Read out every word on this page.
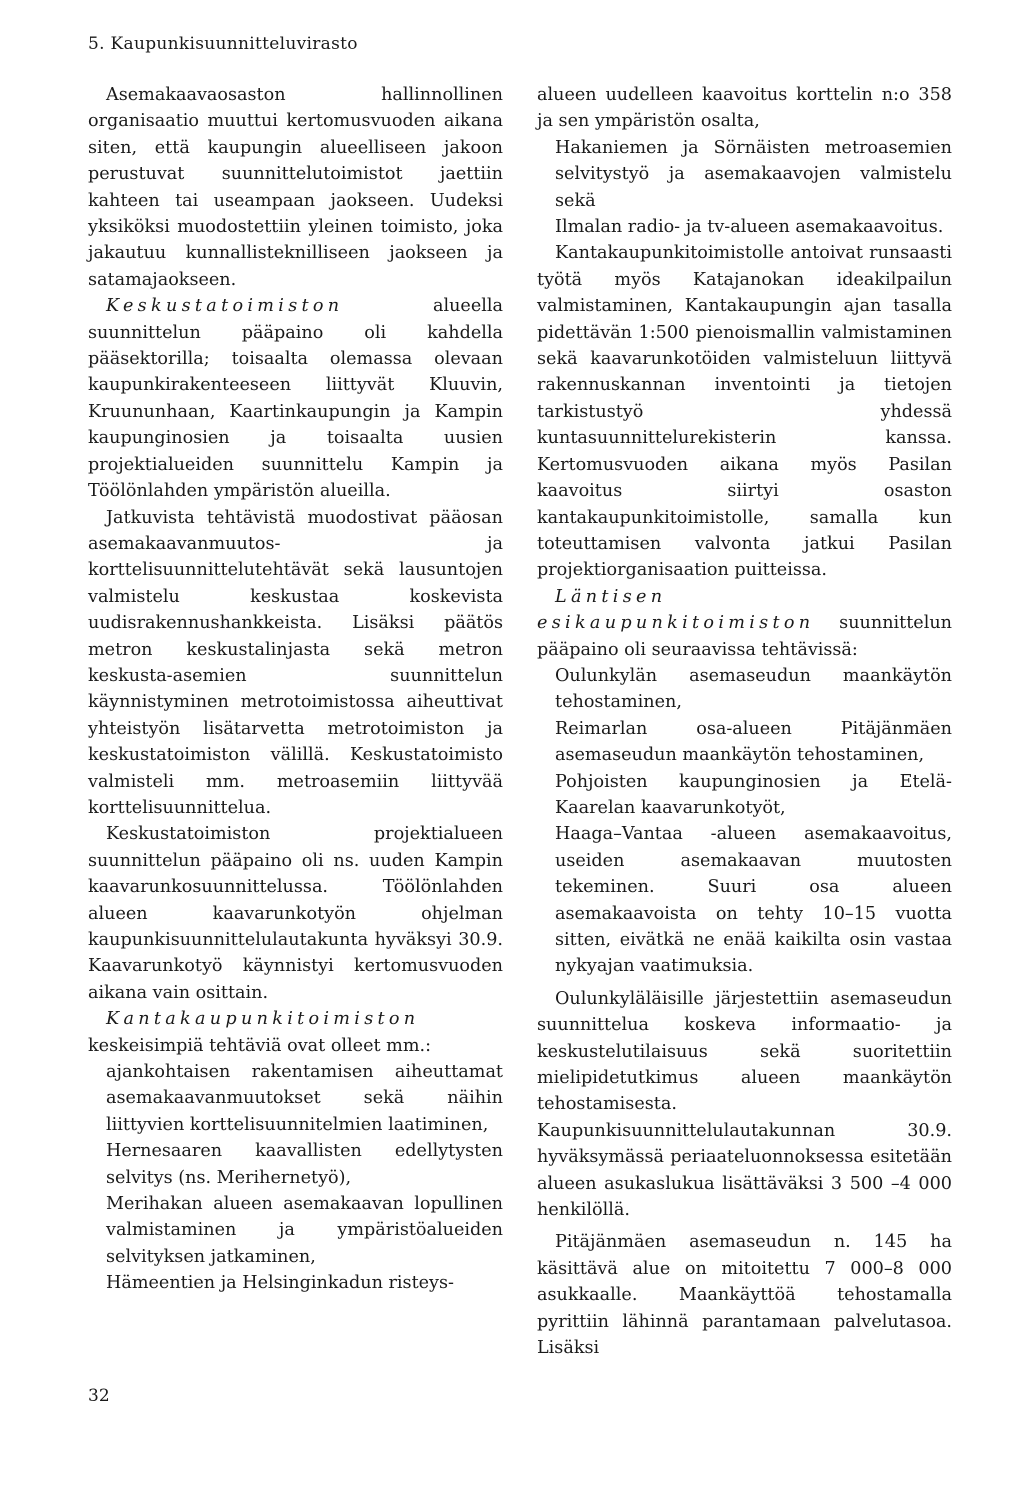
5. Kaupunkisuunnitteluvirasto

Asemakaavaosaston hallinnollinen organisaatio muuttui kertomusvuoden aikana siten, että kaupungin alueelliseen jakoon perustuvat suunnittelutoimistot jaettiin kahteen tai useampaan jaokseen. Uudeksi yksiköksi muodostettiin yleinen toimisto, joka jakautuu kunnallisteknilliseen jaokseen ja satamajaokseen.

Keskustatoimiston alueella suunnittelun pääpaino oli kahdella pääsektorilla; toisaalta olemassa olevaan kaupunkirakenteeseen liittyvät Kluuvin, Kruununhaan, Kaartinkaupungin ja Kampin kaupunginosien ja toisaalta uusien projektialueiden suunnittelu Kampin ja Töölönlahden ympäristön alueilla.

Jatkuvista tehtävistä muodostivat pääosan asemakaavanmuutos- ja korttelisuunnittelutehtävät sekä lausuntojen valmistelu keskustaa koskevista uudisrakennushankkeista. Lisäksi päätös metron keskustalinjasta sekä metron keskusta-asemien suunnittelun käynnistyminen metrotoimistossa aiheuttivat yhteistyön lisätarvetta metrotoimiston ja keskustatoimiston välillä. Keskustatoimisto valmisteli mm. metroasemiin liittyvää korttelisuunnittelua.

Keskustatoimiston projektialueen suunnittelun pääpaino oli ns. uuden Kampin kaavarunkosuunnittelussa. Töölönlahden alueen kaavarunkotyön ohjelman kaupunkisuunnittelulautakunta hyväksyi 30.9. Kaavarunkotyö käynnistyi kertomusvuoden aikana vain osittain.

Kantakaupunkitoimiston keskeisimpiä tehtäviä ovat olleet mm.:

ajankohtaisen rakentamisen aiheuttamat asemakaavanmuutokset sekä näihin liittyvien korttelisuunnitelmien laatiminen,

Hernesaaren kaavallisten edellytysten selvitys (ns. Merihernetyö),

Merihakan alueen asemakaavan lopullinen valmistaminen ja ympäristöalueiden selvityksen jatkaminen,

Hämeentien ja Helsinginkadun risteys-

alueen uudelleen kaavoitus korttelin n:o 358 ja sen ympäristön osalta,

Hakaniemen ja Sörnäisten metroasemien selvitystyö ja asemakaavojen valmistelu sekä

Ilmalan radio- ja tv-alueen asemakaavoitus.

Kantakaupunkitoimistolle antoivat runsaasti työtä myös Katajanokan ideakilpailun valmistaminen, Kantakaupungin ajan tasalla pidettävän 1:500 pienoismallin valmistaminen sekä kaavarunkotöiden valmisteluun liittyvä rakennuskannan inventointi ja tietojen tarkistustyö yhdessä kuntasuunnittelurekisterin kanssa. Kertomusvuoden aikana myös Pasilan kaavoitus siirtyi osaston kantakaupunkitoimistolle, samalla kun toteuttamisen valvonta jatkui Pasilan projektiorganisaation puitteissa.

Läntisen esikaupunkitoimiston suunnittelun pääpaino oli seuraavissa tehtävissä:

Oulunkylän asemaseudun maankäytön tehostaminen,

Reimarlan osa-alueen Pitäjänmäen asemaseudun maankäytön tehostaminen,

Pohjoisten kaupunginosien ja Etelä-Kaarelan kaavarunkotyöt,

Haaga–Vantaa -alueen asemakaavoitus, useiden asemakaavan muutosten tekeminen. Suuri osa alueen asemakaavoista on tehty 10–15 vuotta sitten, eivätkä ne enää kaikilta osin vastaa nykyajan vaatimuksia.

Oulunkyläläisille järjestettiin asemaseudun suunnittelua koskeva informaatio- ja keskustelutilaisuus sekä suoritettiin mielipidetutkimus alueen maankäytön tehostamisesta. Kaupunkisuunnittelulautakunnan 30.9. hyväksymässä periaateluonnoksessa esitetään alueen asukaslukua lisättäväksi 3 500 –4 000 henkilöllä.

Pitäjänmäen asemaseudun n. 145 ha käsittävä alue on mitoitettu 7 000–8 000 asukkaalle. Maankäyttöä tehostamalla pyrittiin lähinnä parantamaan palvelutasoa. Lisäksi

32
